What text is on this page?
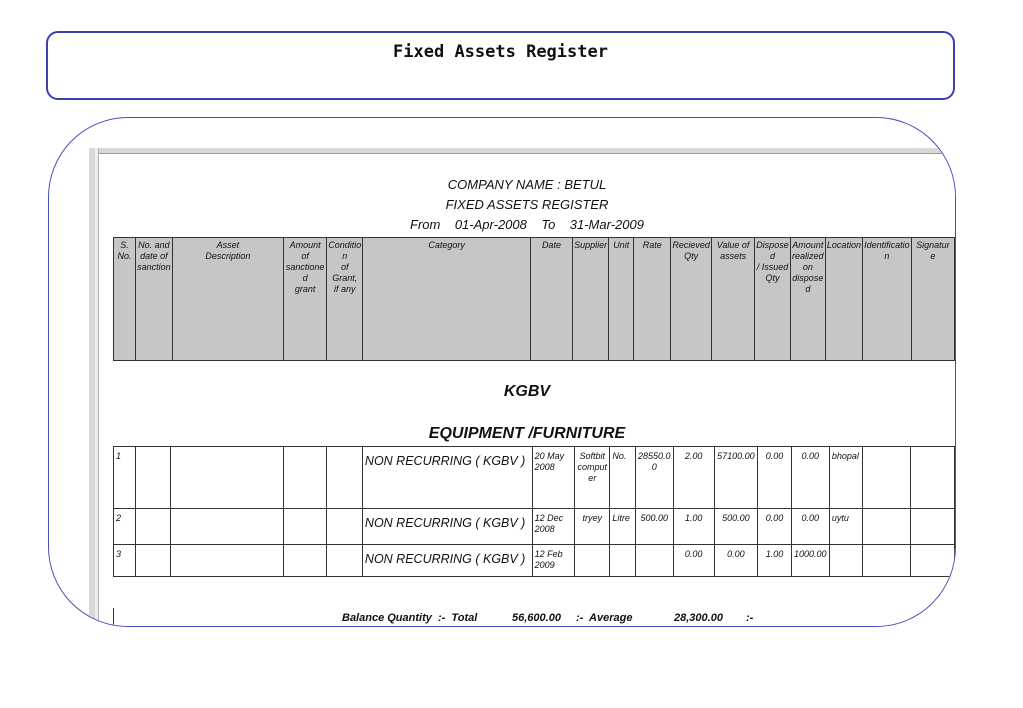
Fixed Assets Register
COMPANY NAME : BETUL
FIXED ASSETS REGISTER
From 01-Apr-2008 To 31-Mar-2009
S.
No.	No. and
date of
sanction	Asset
Description	Amount of
sanctione
d
grant	Conditio
n
of
Grant,
if any	Category	Date	Supplier	Unit	Rate	Recieved
Qty	Value of
assets	Dispose
d
/ Issued
Qty	Amount
realized
on
dispose
d	Location	Identificatio
n	Signatur
e
KGBV
EQUIPMENT /FURNITURE
1					NON RECURRING ( KGBV )	20 May 2008	Softbit comput er	No.	28550.0 0	2.00	57100.00	0.00	0.00	bhopal		
2					NON RECURRING ( KGBV )	12 Dec 2008	tryey	Litre	500.00	1.00	500.00	0.00	0.00	uytu		
3					NON RECURRING ( KGBV )	12 Feb 2009				0.00	0.00	1.00	1000.00			
Balance Quantity  :-  Total	56,600.00 :-  Average	28,300.00 :-
